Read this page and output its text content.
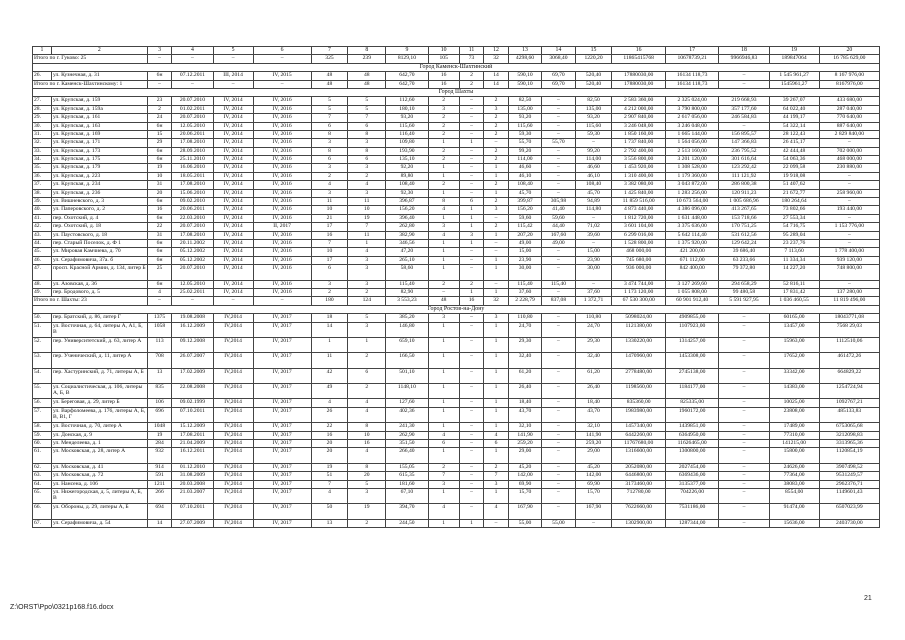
1	2	3	4	5	6	7	8	9	10	11	12	13	14	15	16	17	18	19	20
Итого по г. Гуково: 25		–	–	–	–	325	239	8129,10	105	73	32	4298,60	3068,40	1220,20	11865415768	10678739,21	9966946,83	189847064	16 785 629,00
Город Каменск-Шахтинский																			
26.	ул. Кузнечная, д. 31	6н	07.12.2011	III, 2014	IV, 2015	48	48	642,70	16	2	14	590,10	69,70	520,40	17880030,00	16134 118,73	–	1 545 961,27	8 167 976,00
Итого по г. Каменск-Шахтинскому: 1		–	–	–	–	48	48	642,70	16	2	14	590,10	69,70	520,40	17880030,00	16134 118,73	–	1545961,27	8167976,00
Город Шахты																			
27.	ул. Крупская, д. 159	23	20.07.2010	IV, 2014	IV, 2016	5	5	112,60	2	–	2	82,50	–	82,50	2 583 360,00	2 325 024,00	219 668,93	39 267,07	433 680,00
28.	ул. Крупская, д. 159а	2	01.02.2011	IV, 2014	IV, 2016	5	5	180,10	3	–	3	135,00	–	135,00	4 212 000,00	3 790 800,00	357 177,60	64 022,40	287 040,00
29.	ул. Крупская, д. 161	24	20.07.2010	IV, 2014	IV, 2016	7	7	93,20	2	–	2	93,20	–	93,20	2 907 840,00	2 617 056,00	246 584,83	44 199,17	770 640,00
30.	ул. Крупская, д. 163	6н	12.05.2010	IV, 2014	IV, 2016	6	6	115,60	2	–	2	115,60	–	115,60	3 246 048,00	3 246 048,00	–	54 322,14	887 640,00
31.	ул. Крупская, д. 169	15	20.06.2011	IV, 2014	IV, 2016	8	8	116,40	2	–	2	59,30	–	59,30	1 850 160,00	1 665 144,00	156 895,57	28 122,43	2 829 840,00
32.	ул. Крупская, д. 171	29	17.08.2010	IV, 2014	IV, 2016	3	3	109,80	1	1	–	55,70	55,70	–	1 737 840,00	1 564 056,00	147 366,83	26 415,17	–
33.	ул. Крупская, д. 173	6н	28.09.2010	IV, 2014	IV, 2016	8	8	193,90	2	–	2	99,20	–	99,20	2 792 400,00	2 513 160,00	236 795,52	42 444,48	702 000,00
34.	ул. Крупская, д. 175	6н	25.11.2010	IV, 2014	IV, 2016	6	6	135,10	2	–	2	114,00	–	114,00	3 556 800,00	3 201 120,00	301 616,64	54 063,36	468 000,00
35.	ул. Крупская, д. 179	19	16.06.2010	IV, 2014	IV, 2016	3	3	92,20	1	–	1	46,60	–	46,60	1 453 920,00	1 308 528,00	123 292,42	22 099,58	230 880,00
36.	ул. Крупская, д. 223	10	18.05.2011	IV, 2014	IV, 2016	2	2	89,80	1	–	1	46,10	–	46,10	1 310 400,00	1 179 360,00	111 121,92	19 918,08	–
37.	ул. Крупская, д. 234	31	17.08.2010	IV, 2014	IV, 2016	4	4	108,40	2	–	2	108,40	–	108,40	3 382 080,00	3 043 872,00	286 800,38	51 407,62	–
38.	ул. Крупская, д. 236	20	15.06.2010	IV, 2014	IV, 2016	3	3	92,30	1	–	1	45,70	–	45,70	1 425 840,00	1 283 256,00	120 911,23	21 672,77	258 960,00
39.	ул. Вишневского, д. 3	6н	09.02.2010	IV, 2014	IV, 2016	11	11	396,87	8	6	2	399,87	305,98	94,89	11 859 516,00	10 673 564,00	1 005 686,96	180 264,64	–
40.	ул. Паперовского, д. 2	16	20.06.2011	IV, 2014	IV, 2016	10	10	156,20	4	1	3	156,20	41,40	114,80	4 873 440,00	4 386 096,00	413 267,65	73 802,66	193 440,00
41.	пер. Охотский, д. 4	6н	22.03.2010	IV, 2014	IV, 2016	21	19	396,40	1	1	–	59,60	59,60	–	1 812 720,00	1 631 448,00	153 718,66	27 553,34	–
42.	пер. Охотский, д. 18	22	20.07.2010	IV, 2014	II, 2017	17	7	262,80	3	1	2	115,42	44,40	71,02	3 601 104,00	3 375 636,00	170 751,25	54 716,75	1 153 776,00
43.	ул. Паустовского, д. 18	31	17.08.2010	IV, 2014	IV, 2016	16	11	382,90	4	3	1	207,20	167,60	39,60	6 299 016,00	5 642 114,40	531 612,56	95 289,04	–
44.	пер. Старый Поселок, д. Ф 1	6н	20.11.2002	IV, 2014	IV, 2016	7	1	346,56	1	1	–	49,00	49,00	–	1 528 800,00	1 375 920,00	129 642,24	23 237,76	–
45.	ул. Мировая Камчиева, д. 70	6н	05.12.2002	IV, 2014	IV, 2016	10	4	47,20	1	–	–	15,00	–	15,00	468 000,00	421 200,00	39 686,40	7 113,60	1 778 400,00
46.	ул. Серафимовича, 37а. б	6н	05.12.2002	IV, 2014	IV, 2016	17	3	265,10	1	–	1	23,90	–	23,90	745 680,00	671 112,00	63 233,66	11 334,34	939 120,00
47.	просп. Красной Армии, д. 134, литер Б	25	20.07.2010	IV, 2014	IV, 2016	6	3	58,60	1	–	1	30,00	–	30,00	936 000,00	842 400,00	79 372,80	14 227,20	748 800,00
48.	ул. Азовская, д. 36	6н	12.05.2010	IV, 2014	IV, 2016	3	3	115,40	2	2	–	115,40	115,40	–	3 474 744,00	3 127 269,60	294 658,29	52 816,11	–
49.	пер. Бродового, д. 5	4	25.02.2011	IV, 2014	IV, 2016	2	2	82,90	–	1	1	37,60	–	37,60	1 173 120,00	1 055 808,00	99 480,58	17 831,42	137 280,00
Итого по г. Шахты: 23		–	–	–	–	180	124	3 553,23	48	16	32	2 228,79	837,08	1 372,71	67 530 300,00	60 901 912,40	5 591 927,95	1 036 460,55	11 819 496,00
Город Ростов-на-Дону																			
50.	пер. Братский, д. 86, литер Г	1375	19.08.2008	IV,2014	IV, 2017	18	5	385,20	3	–	3	110,80	–	110,80	5098024,00	4909855,00	–	60165,00	18043771,08
51.	ул. Восточная, д. 64, литеры А, А1, Б, В	1058	16.12.2009	IV,2014	IV, 2017	14	3	146,80	1	–	1	24,70	–	24,70	1121380,00	1107923,00	–	13457,00	7568 29,03
52.	пер. Университетский, д. 63, литер А	113	09.12.2008	IV,2014	IV, 2017	1	1	659,10	1	–	1	29,30	–	29,30	1330220,00	1314257,00	–	15963,00	1112510,06
53.	пер. Ученический, д. 11, литер А	708	26.07.2007	IV,2014	IV, 2017	11	2	166,50	1	–	1	32,40	–	32,40	1470960,00	1453308,00	–	17652,00	461472,26
54.	пер. Хастуринский, д. 71, литеры А, Б	13	17.02.2009	IV,2014	IV, 2017	42	6	501,10	1	–	1	61,20	–	61,20	2778480,00	2745138,00	–	33342,00	664829,22
55.	ул. Социалистическая, д. 106, литеры А, Б, В	835	22.08.2008	IV,2014	IV, 2017	49	2	1148,10	1	–	1	26,40	–	26,40	1198560,00	1184177,00	–	14383,00	1254724,94
56.	ул. Береговая, д. 29, литер Б	106	09.02.1999	IV,2014	IV, 2017	4	4	127,60	1	–	1	18,40	–	18,40	835360,00	825335,00	–	10025,00	1092767,21
57.	ул. Варфоломеева, д. 176, литеры А, Б, В, В1, Г	696	07.10.2011	IV,2014	IV, 2017	26	4	402,36	1	–	1	43,70	–	43,70	1983980,00	1960172,00	–	23808,00	485133,83
58.	ул. Восточная, д. 70, литер А	1048	15.12.2009	IV,2014	IV, 2017	22	8	241,30	1	–	1	32,10	–	32,10	1457340,00	1439851,00	–	17489,00	6753065,68
59.	ул. Донская, д. 9	19	17.08.2011	IV,2014	IV, 2017	16	10	262,90	4	–	4	141,90	–	141,90	6442260,00	6364950,00	–	77310,00	3212098,83
60.	ул. Менделеева, д. 1	284	21.04.2009	IV,2014	IV, 2017	20	16	351,50	6	–	6	259,20	–	259,20	11767680,00	11626465,00	–	141215,00	3313965,36
61.	ул. Московская, д. 28, литер А	932	16.12.2011	IV,2014	IV, 2017	20	4	266,40	1	–	1	29,00	–	29,00	1316600,00	1300800,00	–	15800,00	1120854,19
62.	ул. Московская, д. 41	914	01.12.2010	IV,2014	IV, 2017	19	8	155,05	2	–	2	45,20	–	45,20	2052080,00	2027454,00	–	24626,00	3907498,52
63.	ул. Московская, д. 72	591	31.08.2009	IV,2014	IV, 2017	51	20	615,35	7	–	7	142,00	–	142,00	6446800,00	6369436,00	–	77364,00	9531249,57
64.	ул. Нансена, д. 106	1211	20.03.2008	IV,2014	IV, 2017	7	5	181,60	3	–	3	69,90	–	69,90	3173460,00	3135377,00	–	38083,00	2962376,71
65.	ул. Нижегородская, д. 5, литеры А, Б, В	266	21.03.2007	IV,2014	IV, 2017	4	3	67,10	1	–	1	15,70	–	15,70	712780,00	704226,00	–	8554,00	1149601,43
66.	ул. Обороны, д. 29, литеры А, Б	694	07.10.2011	IV,2014	IV, 2017	50	19	394,70	4	–	4	167,90	–	167,90	7622660,00	7531186,00	–	91474,00	6507023,99
67.	ул. Серафимовича, д. 54	14	27.07.2009	IV,2014	IV, 2017	13	2	244,50	1	1	–	55,00	55,00	–	1302900,00	1287344,00	–	15636,00	2403730,00
Z:\ORST\Ppo\0321p168.f16.docx
21
